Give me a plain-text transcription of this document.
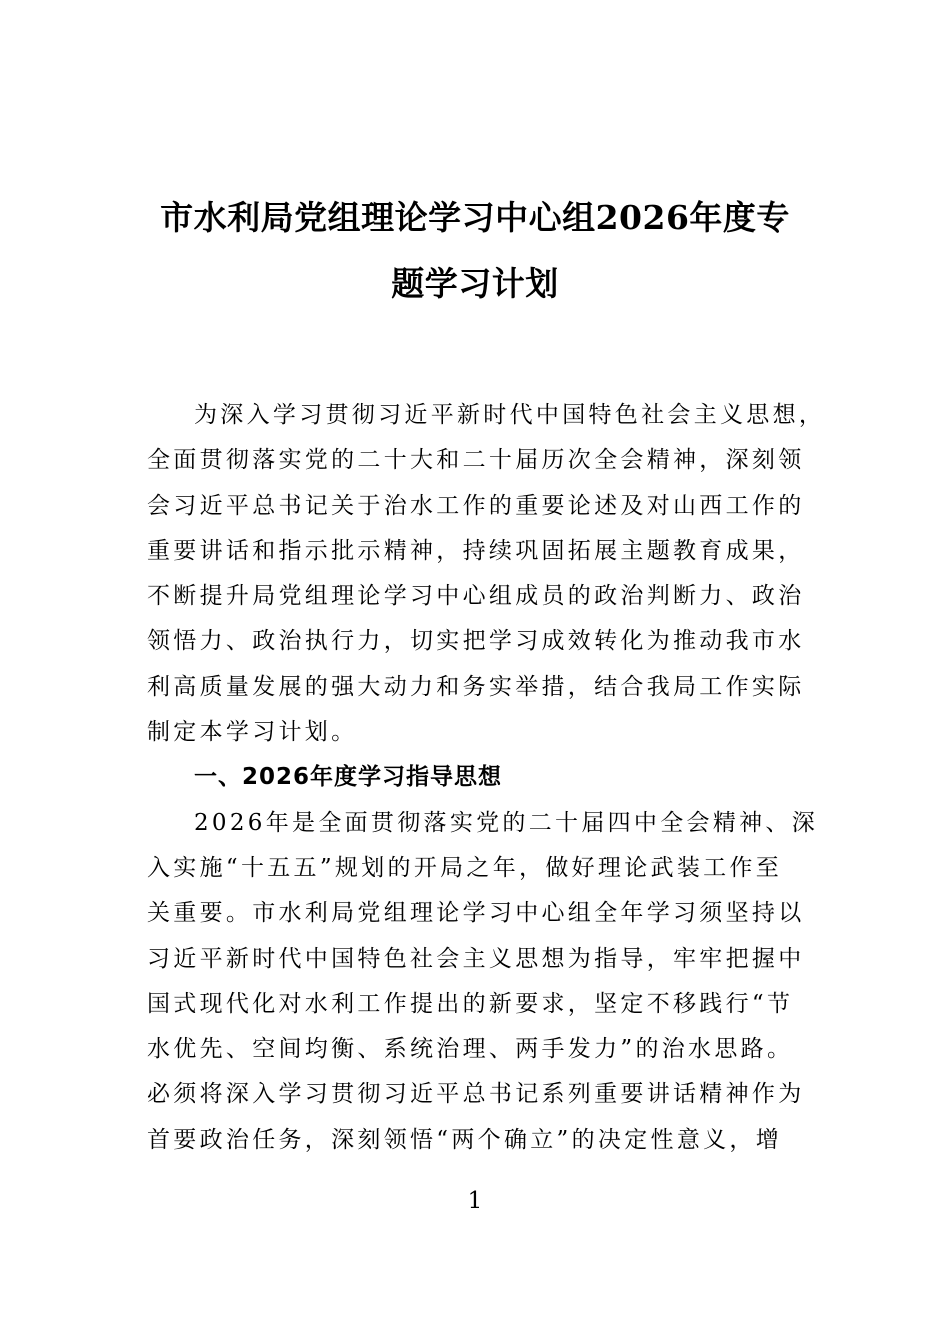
市水利局党组理论学习中心组2026年度专
题学习计划

为深入学习贯彻习近平新时代中国特色社会主义思想，
全面贯彻落实党的二十大和二十届历次全会精神，深刻领
会习近平总书记关于治水工作的重要论述及对山西工作的
重要讲话和指示批示精神，持续巩固拓展主题教育成果，
不断提升局党组理论学习中心组成员的政治判断力、政治
领悟力、政治执行力，切实把学习成效转化为推动我市水
利高质量发展的强大动力和务实举措，结合我局工作实际
制定本学习计划。

一、2026年度学习指导思想

2026年是全面贯彻落实党的二十届四中全会精神、深
入实施“十五五”规划的开局之年，做好理论武装工作至
关重要。市水利局党组理论学习中心组全年学习须坚持以
习近平新时代中国特色社会主义思想为指导，牢牢把握中
国式现代化对水利工作提出的新要求，坚定不移践行“节
水优先、空间均衡、系统治理、两手发力”的治水思路。
必须将深入学习贯彻习近平总书记系列重要讲话精神作为
首要政治任务，深刻领悟“两个确立”的决定性意义，增

1
